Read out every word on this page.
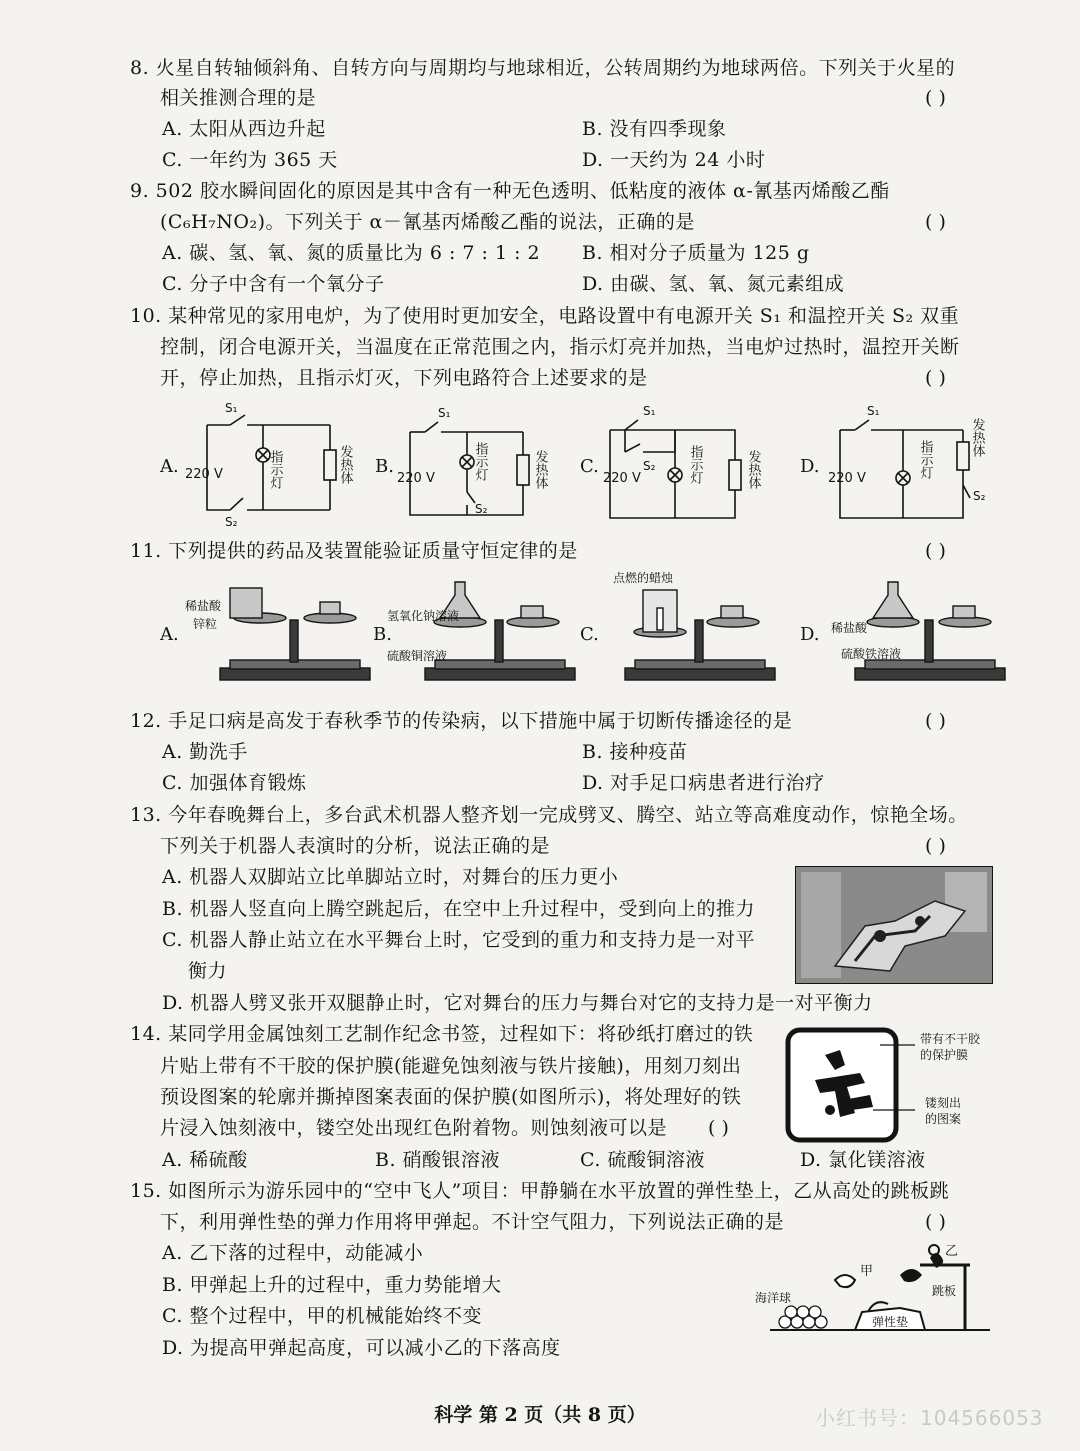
8. 火星自转轴倾斜角、自转方向与周期均与地球相近，公转周期约为地球两倍。下列关于火星的
相关推测合理的是	( )
A. 太阳从西边升起	B. 没有四季现象
C. 一年约为 365 天	D. 一天约为 24 小时
9. 502 胶水瞬间固化的原因是其中含有一种无色透明、低粘度的液体 α-氰基丙烯酸乙酯
(C₆H₇NO₂)。下列关于 α－氰基丙烯酸乙酯的说法，正确的是	( )
A. 碳、氢、氧、氮的质量比为 6 : 7 : 1 : 2 B. 相对分子质量为 125 g
C. 分子中含有一个氧分子	D. 由碳、氢、氧、氮元素组成
10. 某种常见的家用电炉，为了使用时更加安全，电路设置中有电源开关 S₁ 和温控开关 S₂ 双重
控制，闭合电源开关，当温度在正常范围之内，指示灯亮并加热，当电炉过热时，温控开关断
开，停止加热，且指示灯灭，下列电路符合上述要求的是	( )
A. 220 V
S₁
S₂
指示灯	发热体 B.
220 V
S₁
S₂
指示灯	发热体 C.
220 V
S₁
S₂ 指示灯	发热体 D.
220 V
S₁
S₂
指示灯
发热体
11. 下列提供的药品及装置能验证质量守恒定律的是	( )
A.
稀盐酸
锌粒	B.
氢氧化钠溶液
硫酸铜溶液
C.
点燃的蜡烛
D. 稀盐酸
硫酸铁溶液
12. 手足口病是高发于春秋季节的传染病，以下措施中属于切断传播途径的是	( )
A. 勤洗手	B. 接种疫苗
C. 加强体育锻炼	D. 对手足口病患者进行治疗
13. 今年春晚舞台上，多台武术机器人整齐划一完成劈叉、腾空、站立等高难度动作，惊艳全场。
下列关于机器人表演时的分析，说法正确的是	( )
A. 机器人双脚站立比单脚站立时，对舞台的压力更小
B. 机器人竖直向上腾空跳起后，在空中上升过程中，受到向上的推力
C. 机器人静止站立在水平舞台上时，它受到的重力和支持力是一对平
衡力
D. 机器人劈叉张开双腿静止时，它对舞台的压力与舞台对它的支持力是一对平衡力
14. 某同学用金属蚀刻工艺制作纪念书签，过程如下：将砂纸打磨过的铁
片贴上带有不干胶的保护膜(能避免蚀刻液与铁片接触)，用刻刀刻出
预设图案的轮廓并撕掉图案表面的保护膜(如图所示)，将处理好的铁
片浸入蚀刻液中，镂空处出现红色附着物。则蚀刻液可以是 ( )
A. 稀硫酸	B. 硝酸银溶液	C. 硫酸铜溶液	D. 氯化镁溶液
带有不干胶
的保护膜
镂刻出
的图案
15. 如图所示为游乐园中的“空中飞人”项目：甲静躺在水平放置的弹性垫上，乙从高处的跳板跳
下，利用弹性垫的弹力作用将甲弹起。不计空气阻力，下列说法正确的是	( )
A. 乙下落的过程中，动能减小
B. 甲弹起上升的过程中，重力势能增大
C. 整个过程中，甲的机械能始终不变
D. 为提高甲弹起高度，可以减小乙的下落高度
甲
乙
海洋球
弹性垫
跳板
科学 第 2 页（共 8 页）	小红书号：104566053
